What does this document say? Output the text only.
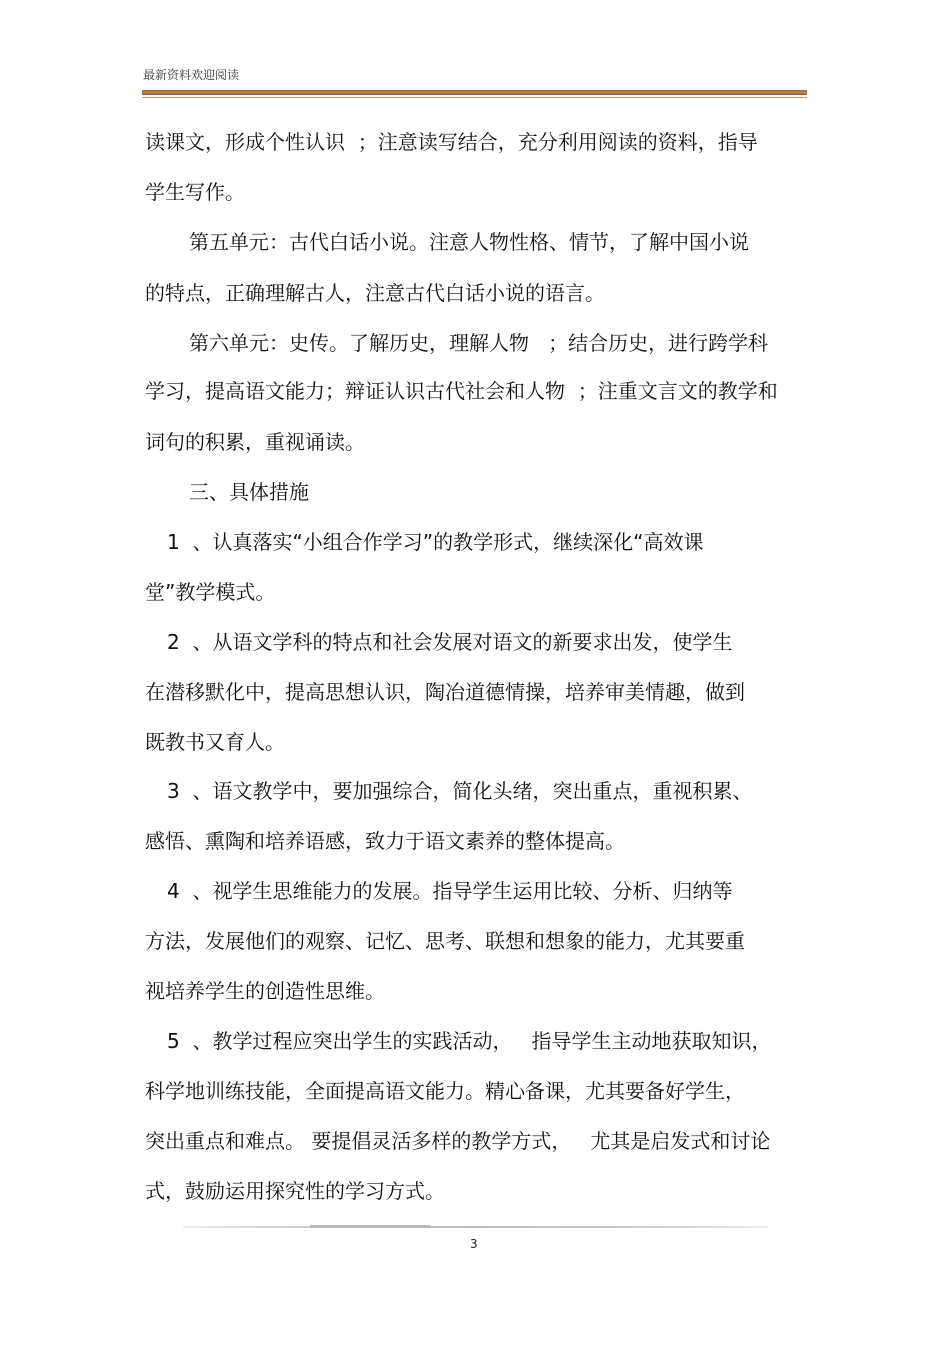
最新资料欢迎阅读
读课文，形成个性认识  ；注意读写结合，充分利用阅读的资料，指导
学生写作。
第五单元：古代白话小说。注意人物性格、情节，了解中国小说
的特点，正确理解古人，注意古代白话小说的语言。
第六单元：史传。了解历史，理解人物   ；结合历史，进行跨学科
学习，提高语文能力；辩证认识古代社会和人物  ；注重文言文的教学和
词句的积累，重视诵读。
三、具体措施
1  、认真落实“小组合作学习”的教学形式，继续深化“高效课
堂”教学模式。
2  、从语文学科的特点和社会发展对语文的新要求出发，使学生
在潜移默化中，提高思想认识，陶冶道德情操，培养审美情趣，做到
既教书又育人。
3  、语文教学中，要加强综合，简化头绪，突出重点，重视积累、
感悟、熏陶和培养语感，致力于语文素养的整体提高。
4  、视学生思维能力的发展。指导学生运用比较、分析、归纳等
方法，发展他们的观察、记忆、思考、联想和想象的能力，尤其要重
视培养学生的创造性思维。
5  、教学过程应突出学生的实践活动，   指导学生主动地获取知识，
科学地训练技能，全面提高语文能力。精心备课，尤其要备好学生，
突出重点和难点。 要提倡灵活多样的教学方式，   尤其是启发式和讨论
式，鼓励运用探究性的学习方式。
3
